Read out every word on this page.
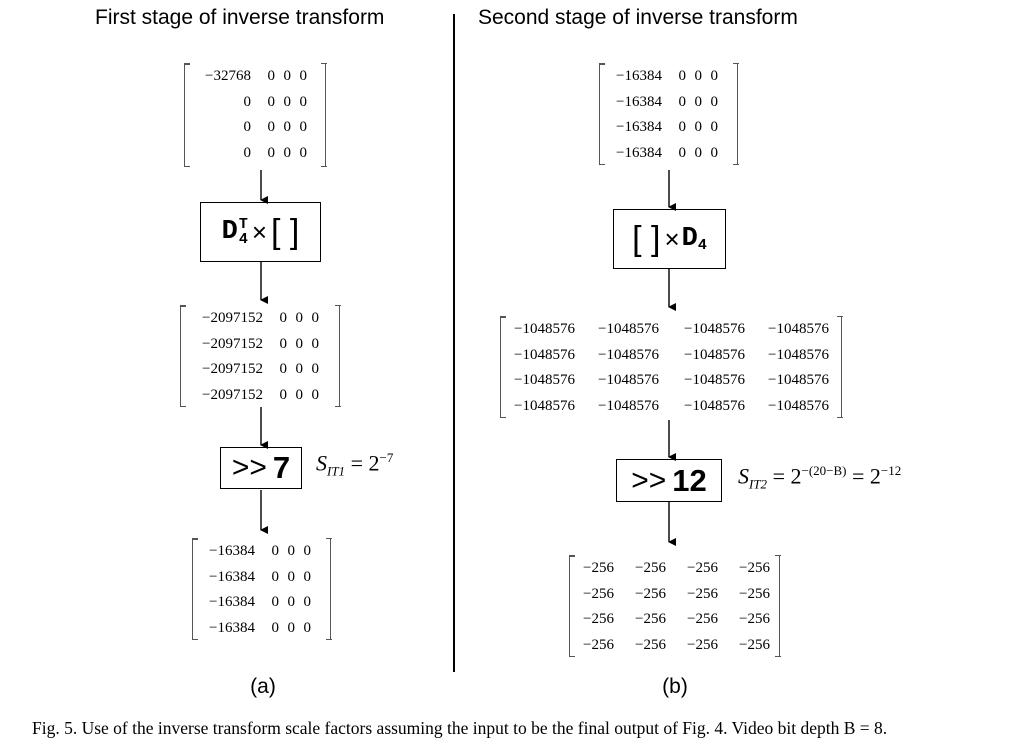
First stage of inverse transform	Second stage of inverse transform
−32768	0	0	0
0	0	0	0
0	0	0	0
0	0	0	0
D T
4 × [ ]
−2097152	0	0	0
−2097152	0	0	0
−2097152	0	0	0
−2097152	0	0	0
>> 7 $S_{IT1} = 2^{-7}$
−16384	0	0	0
−16384	0	0	0
−16384	0	0	0
−16384	0	0	0
(a)
−16384	0	0	0
−16384	0	0	0
−16384	0	0	0
−16384	0	0	0
[ ] × D 4
−1048576	−1048576	−1048576	−1048576
−1048576	−1048576	−1048576	−1048576
−1048576	−1048576	−1048576	−1048576
−1048576	−1048576	−1048576	−1048576
>> 12 $S_{IT2} = 2^{-(20-B)} = 2^{-12}$
−256	−256	−256	−256
−256	−256	−256	−256
−256	−256	−256	−256
−256	−256	−256	−256
(b)
Fig. 5. Use of the inverse transform scale factors assuming the input to be the final output of Fig. 4. Video bit depth B = 8.
